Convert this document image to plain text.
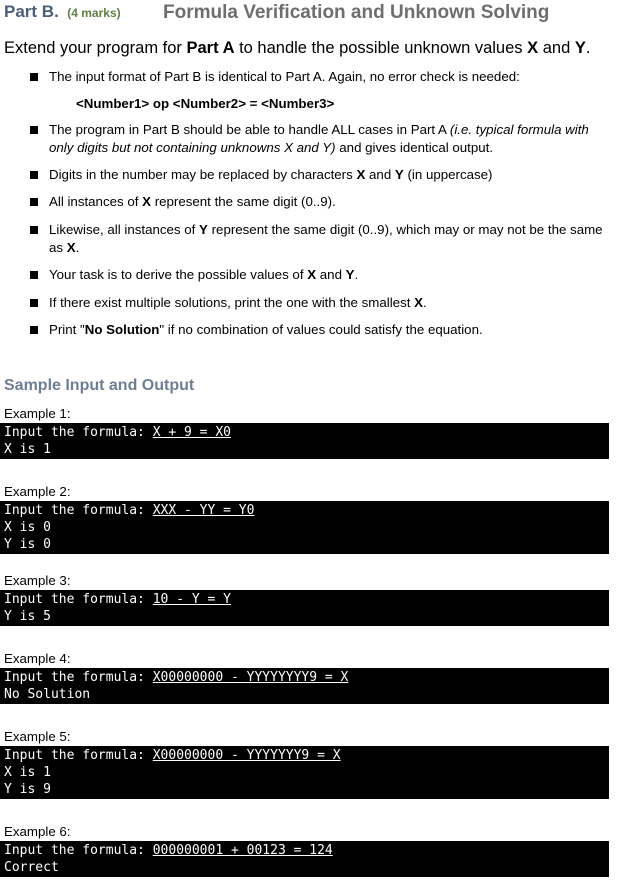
Part B. (4 marks) Formula Verification and Unknown Solving
Extend your program for Part A to handle the possible unknown values X and Y.
The input format of Part B is identical to Part A. Again, no error check is needed:
<Number1> op <Number2> = <Number3>
The program in Part B should be able to handle ALL cases in Part A (i.e. typical formula with only digits but not containing unknowns X and Y) and gives identical output.
Digits in the number may be replaced by characters X and Y (in uppercase)
All instances of X represent the same digit (0..9).
Likewise, all instances of Y represent the same digit (0..9), which may or may not be the same as X.
Your task is to derive the possible values of X and Y.
If there exist multiple solutions, print the one with the smallest X.
Print "No Solution" if no combination of values could satisfy the equation.
Sample Input and Output
Example 1:
Input the formula: X + 9 = X0
X is 1
Example 2:
Input the formula: XXX - YY = Y0
X is 0
Y is 0
Example 3:
Input the formula: 10 - Y = Y
Y is 5
Example 4:
Input the formula: X00000000 - YYYYYYYY9 = X
No Solution
Example 5:
Input the formula: X00000000 - YYYYYYY9 = X
X is 1
Y is 9
Example 6:
Input the formula: 000000001 + 00123 = 124
Correct
